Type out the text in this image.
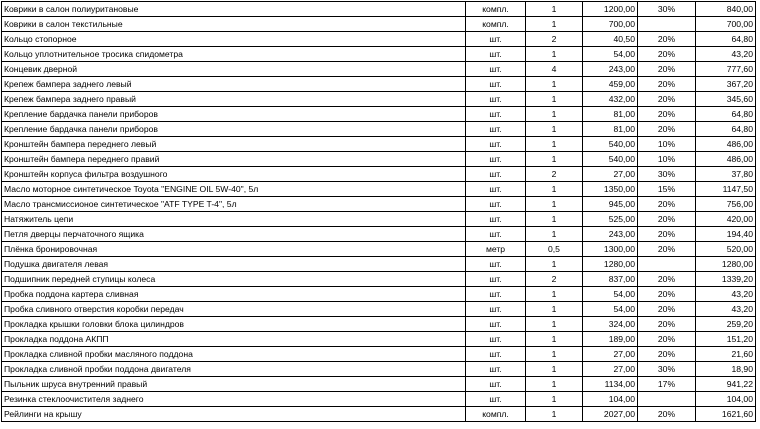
Коврики в салон полиуритановые	компл.	1	1200,00	30%	840,00
Коврики в салон текстильные	компл.	1	700,00		700,00
Кольцо стопорное	шт.	2	40,50	20%	64,80
Кольцо уплотнительное тросика спидометра	шт.	1	54,00	20%	43,20
Концевик дверной	шт.	4	243,00	20%	777,60
Крепеж бампера заднего левый	шт.	1	459,00	20%	367,20
Крепеж бампера заднего правый	шт.	1	432,00	20%	345,60
Крепление бардачка панели приборов	шт.	1	81,00	20%	64,80
Крепление бардачка панели приборов	шт.	1	81,00	20%	64,80
Кронштейн бампера переднего левый	шт.	1	540,00	10%	486,00
Кронштейн бампера переднего правий	шт.	1	540,00	10%	486,00
Кронштейн корпуса фильтра воздушного	шт.	2	27,00	30%	37,80
Масло моторное синтетическое Toyota "ENGINE OIL 5W-40", 5л	шт.	1	1350,00	15%	1147,50
Масло трансмиссионое синтетическое "ATF TYPE T-4", 5л	шт.	1	945,00	20%	756,00
Натяжитель цепи	шт.	1	525,00	20%	420,00
Петля дверцы перчаточного ящика	шт.	1	243,00	20%	194,40
Плёнка бронировочная	метр	0,5	1300,00	20%	520,00
Подушка двигателя левая	шт.	1	1280,00		1280,00
Подшипник передней ступицы колеса	шт.	2	837,00	20%	1339,20
Пробка поддона картера сливная	шт.	1	54,00	20%	43,20
Пробка сливного отверстия коробки передач	шт.	1	54,00	20%	43,20
Прокладка крышки головки блока цилиндров	шт.	1	324,00	20%	259,20
Прокладка поддона АКПП	шт.	1	189,00	20%	151,20
Прокладка сливной пробки масляного поддона	шт.	1	27,00	20%	21,60
Прокладка сливной пробки поддона двигателя	шт.	1	27,00	30%	18,90
Пыльник шруса внутренний правый	шт.	1	1134,00	17%	941,22
Резинка стеклоочистителя заднего	шт.	1	104,00		104,00
Рейлинги на крышу	компл.	1	2027,00	20%	1621,60
